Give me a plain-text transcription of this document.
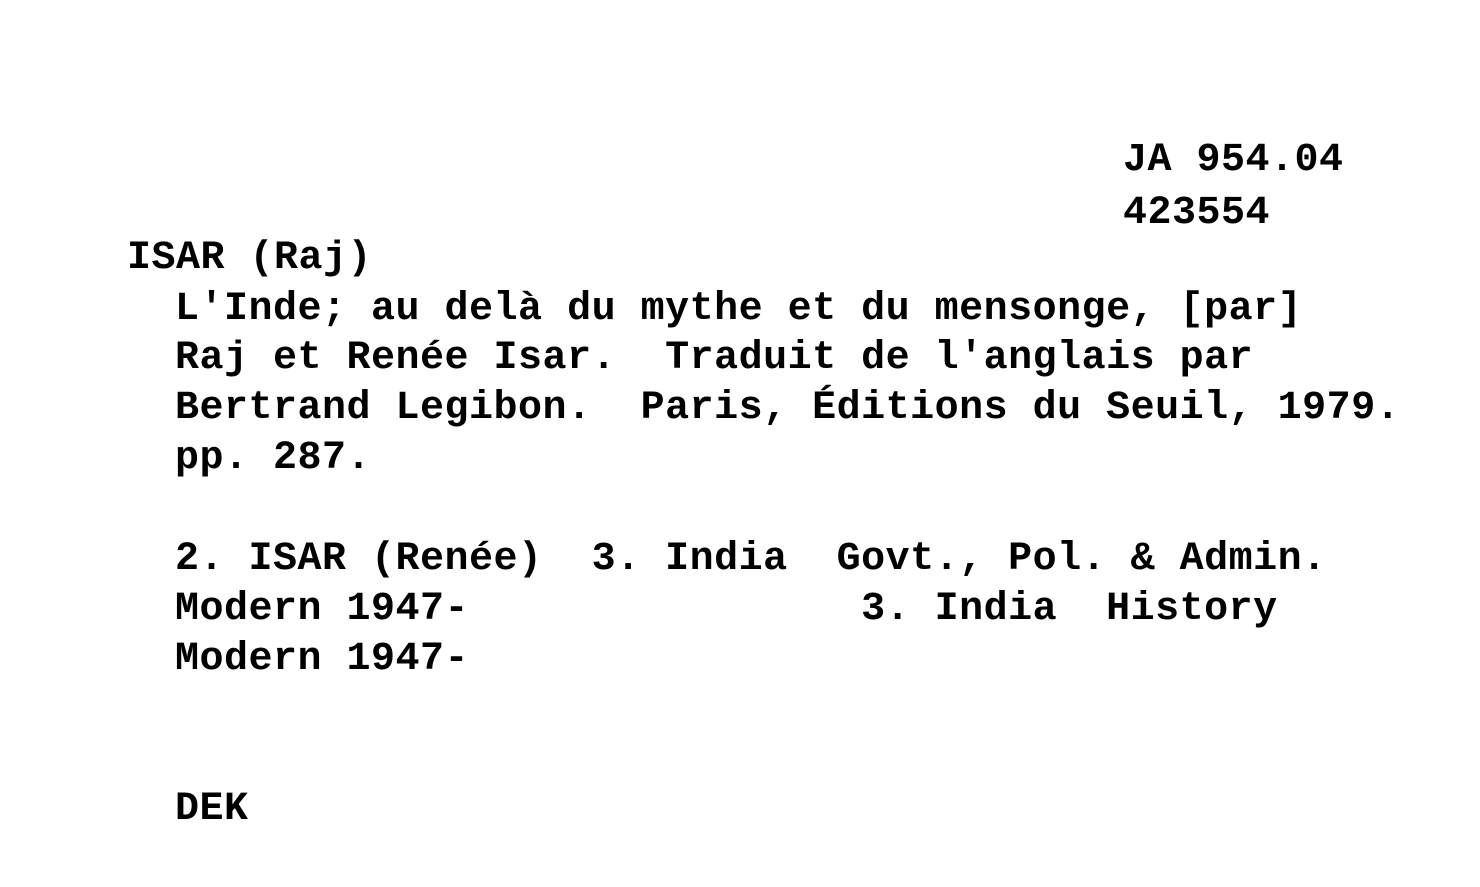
JA 954.04
423554
ISAR (Raj)
L'Inde; au delà du mythe et du mensonge, [par]
Raj et Renée Isar.  Traduit de l'anglais par
Bertrand Legibon.  Paris, Éditions du Seuil, 1979.
pp. 287.
2. ISAR (Renée)  3. India  Govt., Pol. & Admin.
Modern 1947-                3. India  History
Modern 1947-
DEK
